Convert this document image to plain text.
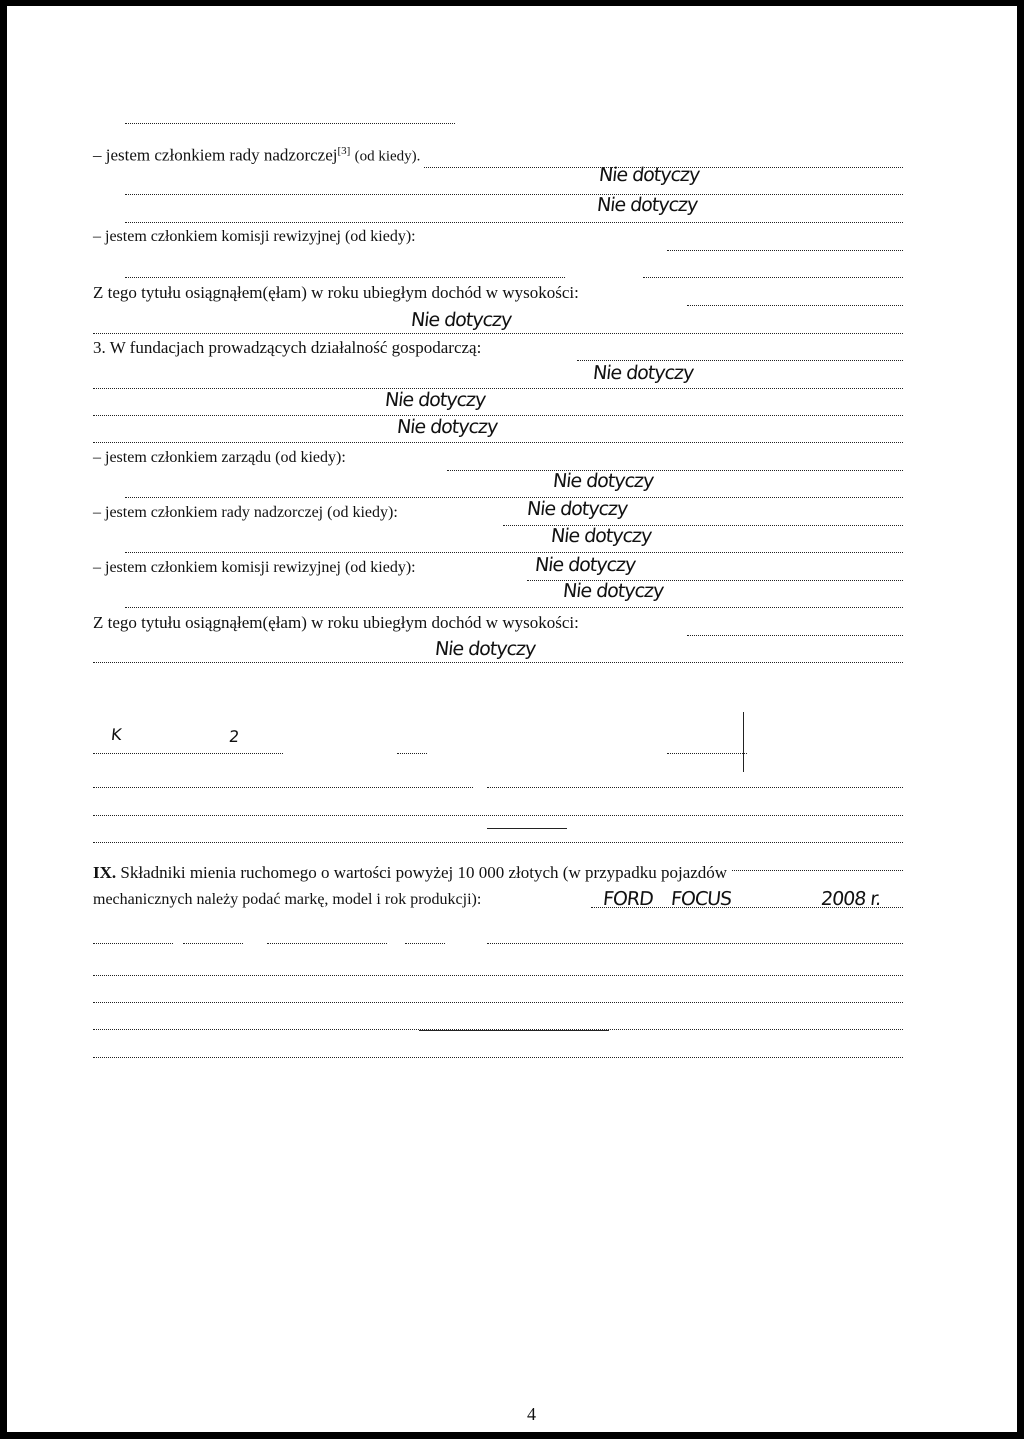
– jestem członkiem rady nadzorczej[3] (od kiedy).
Nie dotyczy
Nie dotyczy
– jestem członkiem komisji rewizyjnej (od kiedy):
Z tego tytułu osiągnąłem(ęłam) w roku ubiegłym dochód w wysokości:
Nie dotyczy
3. W fundacjach prowadzących działalność gospodarczą:
Nie dotyczy
Nie dotyczy
Nie dotyczy
– jestem członkiem zarządu (od kiedy):
Nie dotyczy
– jestem członkiem rady nadzorczej (od kiedy):	Nie dotyczy
Nie dotyczy
– jestem członkiem komisji rewizyjnej (od kiedy):	Nie dotyczy
Nie dotyczy
Z tego tytułu osiągnąłem(ęłam) w roku ubiegłym dochód w wysokości:
Nie dotyczy
K	2
IX. Składniki mienia ruchomego o wartości powyżej 10 000 złotych (w przypadku pojazdów
mechanicznych należy podać markę, model i rok produkcji):	FORD FOCUS	2008 r.
4
